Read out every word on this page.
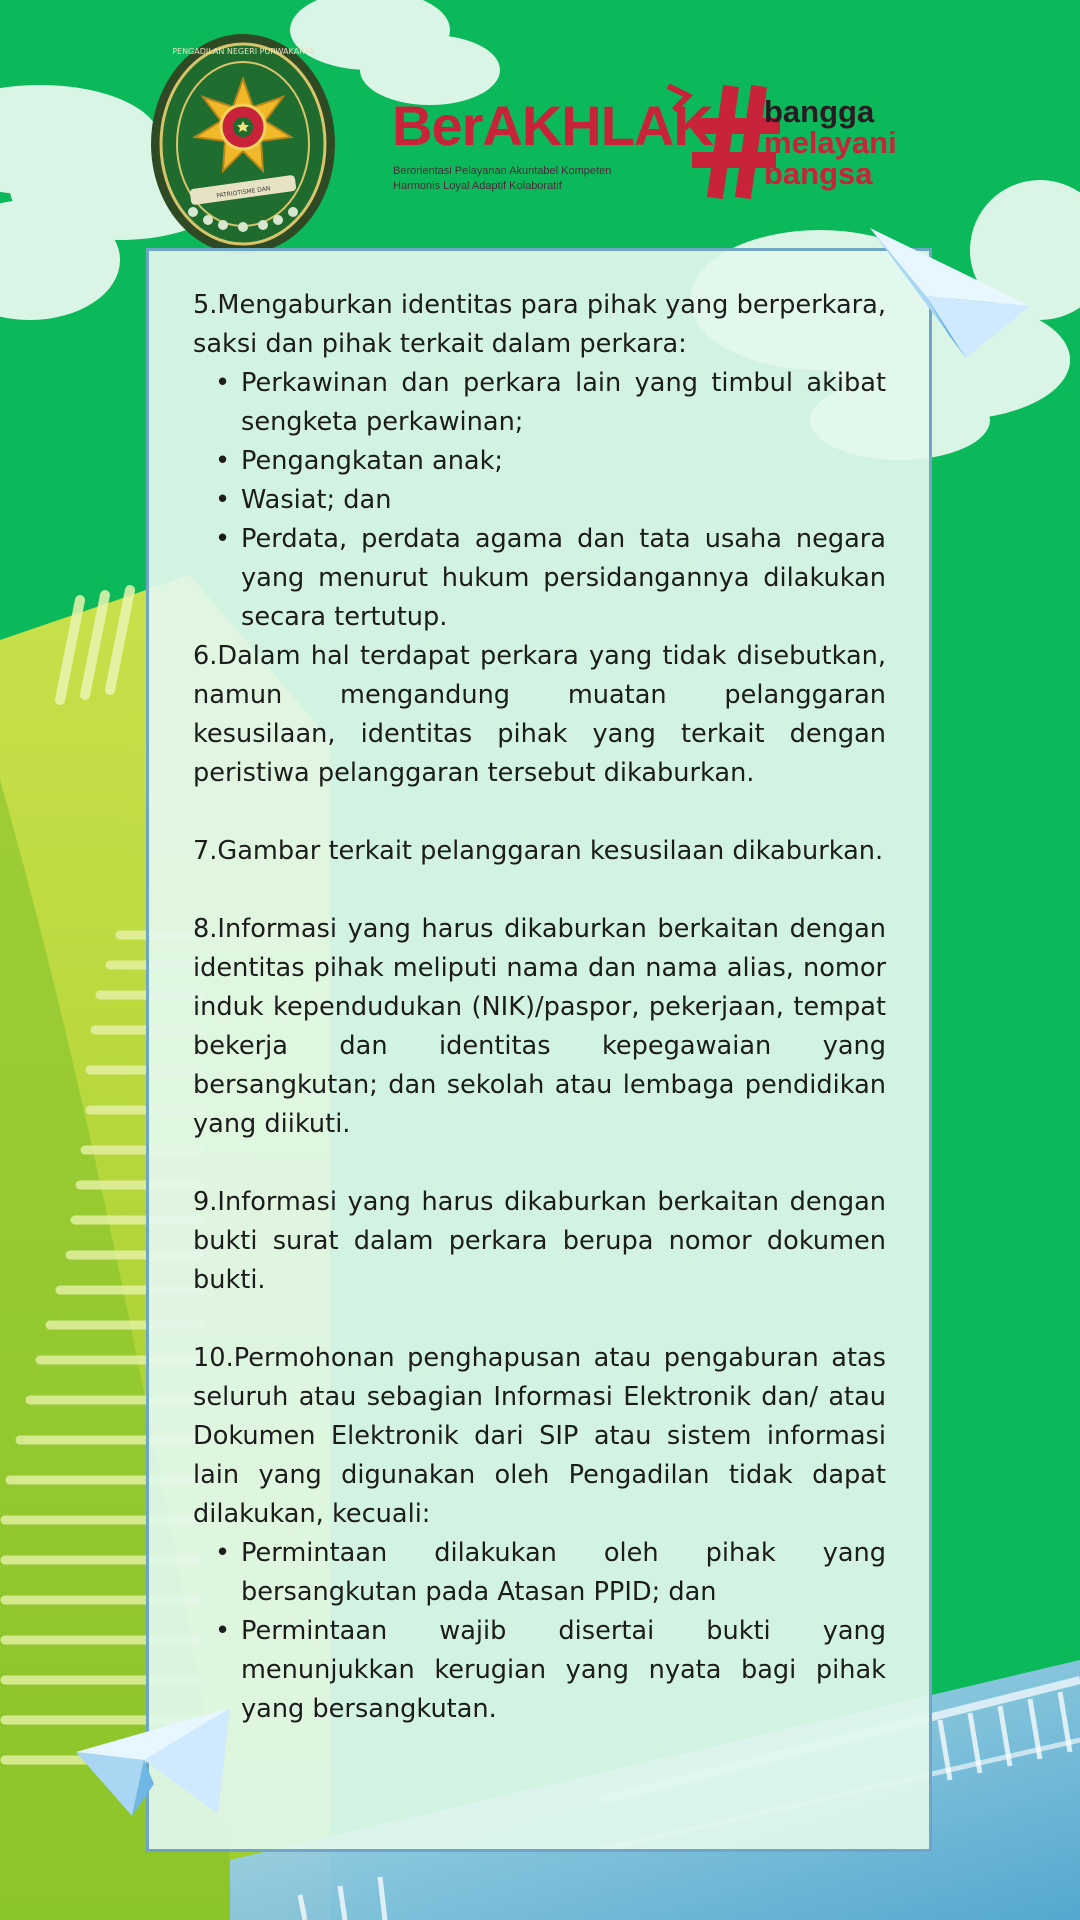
PENGADILAN NEGERI PURWAKARTA
PATRIOTISME DAN
BerAKHLAK
Berorientasi Pelayanan Akuntabel Kompeten
Harmonis Loyal Adaptif Kolaboratif
bangga
melayani
bangsa

5.Mengaburkan identitas para pihak yang berperkara, saksi dan pihak terkait dalam perkara:

• Perkawinan dan perkara lain yang timbul akibat sengketa perkawinan;
• Pengangkatan anak;
• Wasiat; dan
• Perdata, perdata agama dan tata usaha negara yang menurut hukum persidangannya dilakukan secara tertutup.

6.Dalam hal terdapat perkara yang tidak disebutkan, namun mengandung muatan pelanggaran kesusilaan, identitas pihak yang terkait dengan peristiwa pelanggaran tersebut dikaburkan.

7.Gambar terkait pelanggaran kesusilaan dikaburkan.

8.Informasi yang harus dikaburkan berkaitan dengan identitas pihak meliputi nama dan nama alias, nomor induk kependudukan (NIK)/paspor, pekerjaan, tempat bekerja dan identitas kepegawaian yang bersangkutan; dan sekolah atau lembaga pendidikan yang diikuti.

9.Informasi yang harus dikaburkan berkaitan dengan bukti surat dalam perkara berupa nomor dokumen bukti.

10.Permohonan penghapusan atau pengaburan atas seluruh atau sebagian Informasi Elektronik dan/ atau Dokumen Elektronik dari SIP atau sistem informasi lain yang digunakan oleh Pengadilan tidak dapat dilakukan, kecuali:

• Permintaan dilakukan oleh pihak yang bersangkutan pada Atasan PPID; dan
• Permintaan wajib disertai bukti yang menunjukkan kerugian yang nyata bagi pihak yang bersangkutan.
